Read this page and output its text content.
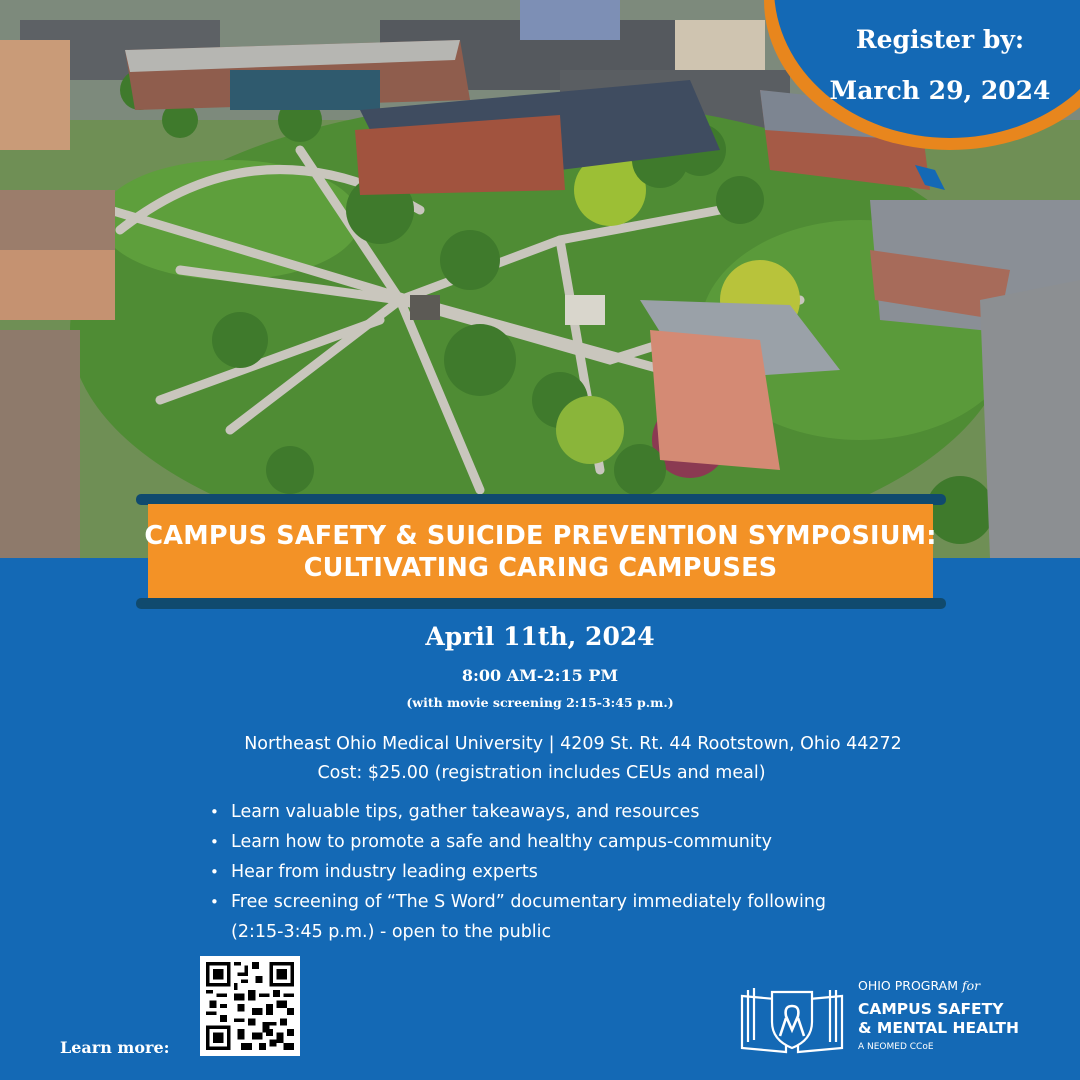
Register by:
March 29, 2024
CAMPUS SAFETY & SUICIDE PREVENTION SYMPOSIUM:
CULTIVATING CARING CAMPUSES
April 11th, 2024
8:00 AM-2:15 PM
(with movie screening 2:15-3:45 p.m.)
Northeast Ohio Medical University | 4209 St. Rt. 44 Rootstown, Ohio 44272
Cost: $25.00 (registration includes CEUs and meal)
• Learn valuable tips, gather takeaways, and resources
• Learn how to promote a safe and healthy campus-community
• Hear from industry leading experts
• Free screening of “The S Word” documentary immediately following
(2:15-3:45 p.m.) - open to the public
Learn more:
OHIO PROGRAM for
CAMPUS SAFETY
& MENTAL HEALTH
A NEOMED CCoE
